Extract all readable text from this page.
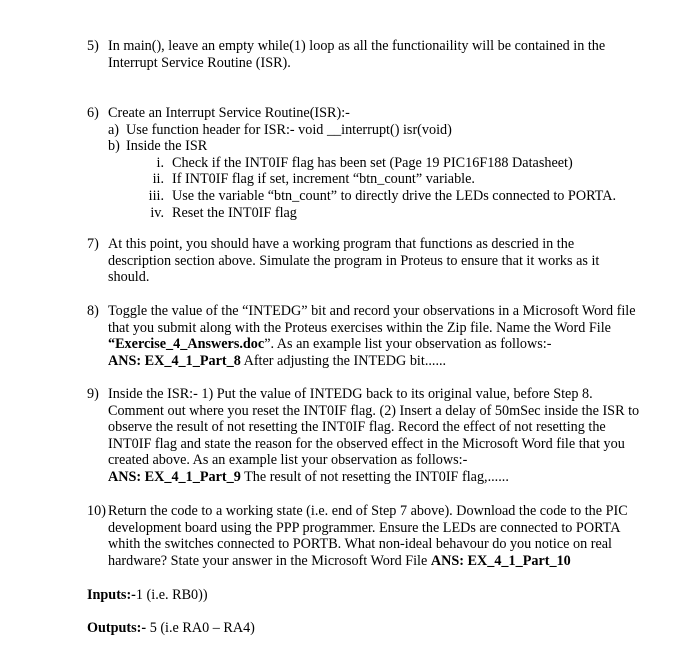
5) In main(), leave an empty while(1) loop as all the functionaility will be contained in the

Interrupt Service Routine (ISR).

6) Create an Interrupt Service Routine(ISR):-

a) Use function header for ISR:- void __interrupt() isr(void)
b) Inside the ISR
i. Check if the INT0IF flag has been set (Page 19 PIC16F188 Datasheet)
ii. If INT0IF flag if set, increment “btn_count” variable.
iii. Use the variable “btn_count” to directly drive the LEDs connected to PORTA.
iv. Reset the INT0IF flag
7) At this point, you should have a working program that functions as descried in the

description section above. Simulate the program in Proteus to ensure that it works as it

should.

8) Toggle the value of the “INTEDG” bit and record your observations in a Microsoft Word file

that you submit along with the Proteus exercises within the Zip file. Name the Word File

“Exercise_4_Answers.doc”. As an example list your observation as follows:-

ANS: EX_4_1_Part_8 After adjusting the INTEDG bit......

9) Inside the ISR:- 1) Put the value of INTEDG back to its original value, before Step 8.

Comment out where you reset the INT0IF flag. (2) Insert a delay of 50mSec inside the ISR to

observe the result of not resetting the INT0IF flag. Record the effect of not resetting the

INT0IF flag and state the reason for the observed effect in the Microsoft Word file that you

created above. As an example list your observation as follows:-

ANS: EX_4_1_Part_9 The result of not resetting the INT0IF flag,......

10) Return the code to a working state (i.e. end of Step 7 above). Download the code to the PIC

development board using the PPP programmer. Ensure the LEDs are connected to PORTA

whith the switches connected to PORTB. What non-ideal behavour do you notice on real

hardware? State your answer in the Microsoft Word File ANS: EX_4_1_Part_10

Inputs:-1 (i.e. RB0))
Outputs:- 5 (i.e RA0 – RA4)
